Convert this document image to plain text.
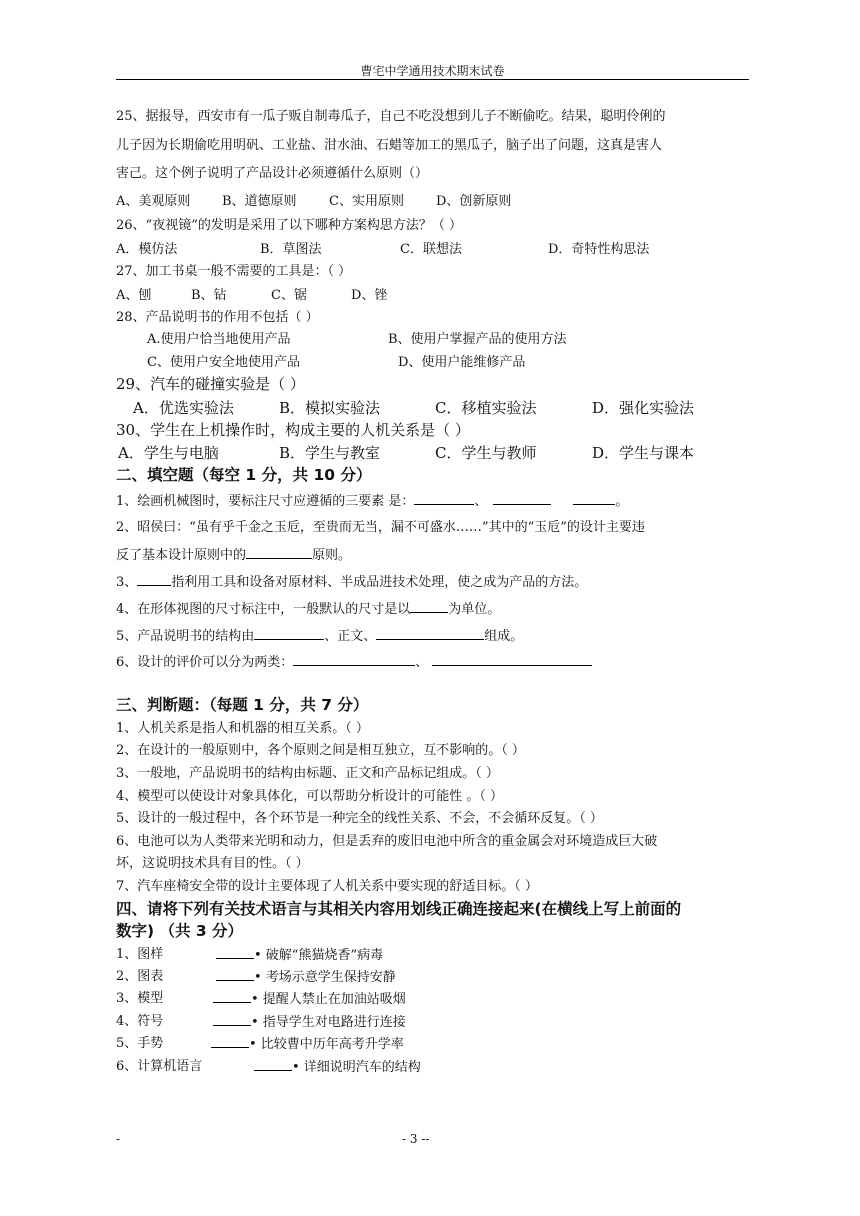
曹宅中学通用技术期末试卷
25、据报导，西安市有一瓜子贩自制毒瓜子，自己不吃没想到儿子不断偷吃。结果，聪明伶俐的
儿子因为长期偷吃用明矾、工业盐、泔水油、石蜡等加工的黑瓜子，脑子出了问题，这真是害人
害己。这个例子说明了产品设计必须遵循什么原则（）
A、美观原则 B、道德原则 C、实用原则 D、创新原则
26、“夜视镜”的发明是采用了以下哪种方案构思方法？（ ）
A．模仿法	B．草图法	C．联想法	D．奇特性构思法
27、加工书桌一般不需要的工具是：（ ）
A、刨	B、钻	C、锯	D、锉
28、产品说明书的作用不包括（ ）
A.使用户恰当地使用产品	B、使用户掌握产品的使用方法
C、使用户安全地使用产品	D、使用户能维修产品
29、汽车的碰撞实验是（ ）
A．优选实验法	B．模拟实验法	C．移植实验法	D．强化实验法
30、学生在上机操作时，构成主要的人机关系是（ ）
A．学生与电脑	B．学生与教室	C．学生与教师	D．学生与课本
二、填空题（每空 1 分，共 10 分）
1、绘画机械图时，要标注尺寸应遵循的三要素 是：	、	。
2、昭侯曰：“虽有乎千金之玉卮，至贵而无当，漏不可盛水……”其中的“玉卮”的设计主要违
反了基本设计原则中的	原则。
3、	指利用工具和设备对原材料、半成品进技术处理，使之成为产品的方法。
4、在形体视图的尺寸标注中，一般默认的尺寸是以	为单位。
5、产品说明书的结构由	、正文、	组成。
6、设计的评价可以分为两类：	、
三、判断题：（每题 1 分，共 7 分）
1、人机关系是指人和机器的相互关系。（ ）
2、在设计的一般原则中，各个原则之间是相互独立，互不影响的。（ ）
3、一般地，产品说明书的结构由标题、正文和产品标记组成。（ ）
4、模型可以使设计对象具体化，可以帮助分析设计的可能性 。（ ）
5、设计的一般过程中，各个环节是一种完全的线性关系、不会，不会循环反复。（ ）
6、电池可以为人类带来光明和动力，但是丢弃的废旧电池中所含的重金属会对环境造成巨大破
坏，这说明技术具有目的性。（ ）
7、汽车座椅安全带的设计主要体现了人机关系中要实现的舒适目标。（ ）
四、请将下列有关技术语言与其相关内容用划线正确连接起来(在横线上写上前面的
数字) （共 3 分）
1、图样	• 破解“熊猫烧香”病毒
2、图表	• 考场示意学生保持安静
3、模型	• 提醒人禁止在加油站吸烟
4、符号	• 指导学生对电路进行连接
5、手势	• 比较曹中历年高考升学率
6、计算机语言	• 详细说明汽车的结构
-	- 3 --
